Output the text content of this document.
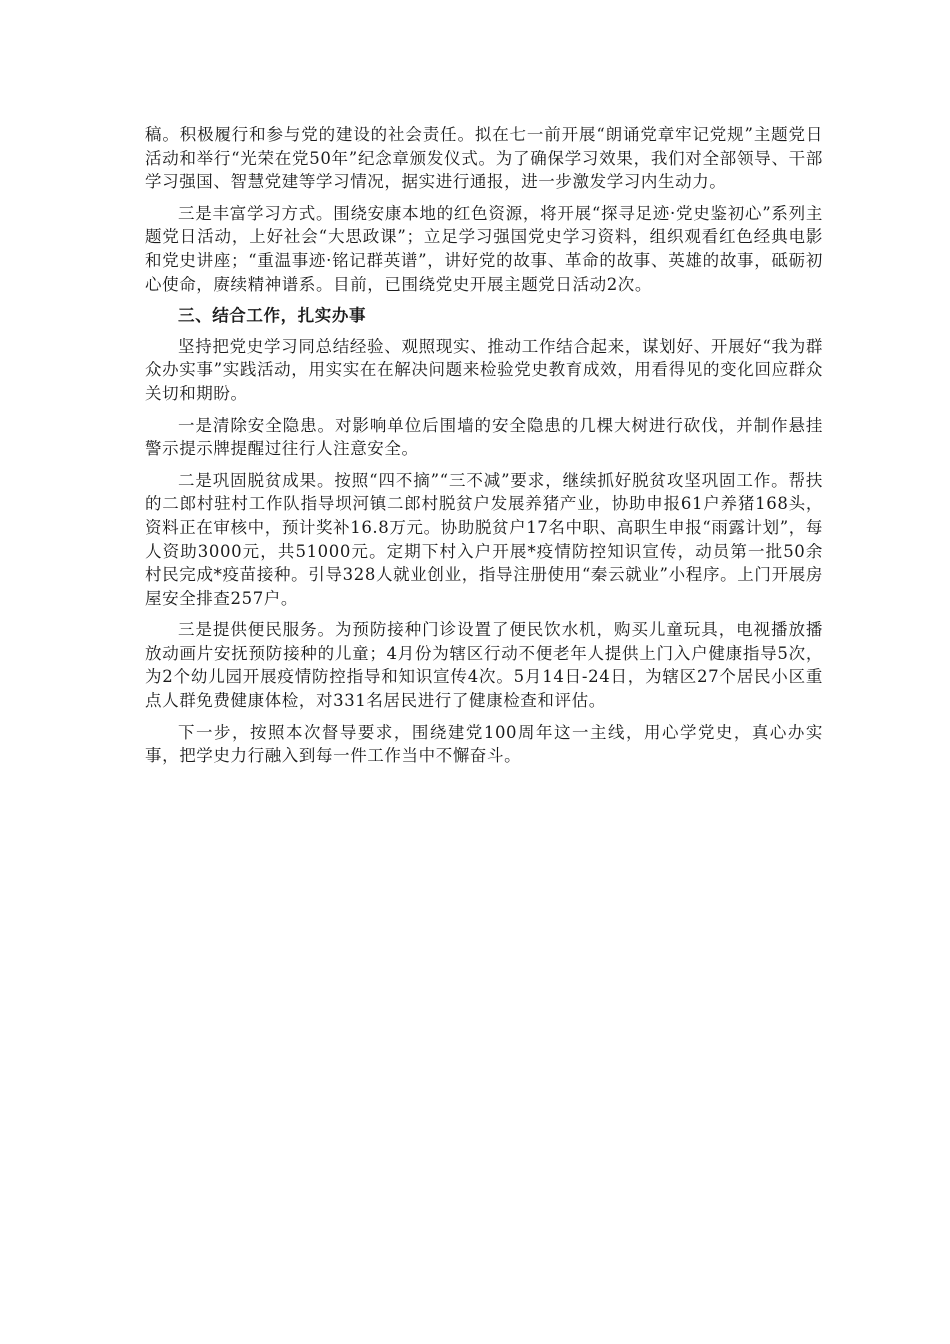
稿。积极履行和参与党的建设的社会责任。拟在七一前开展“朗诵党章牢记党规”主题党日活动和举行“光荣在党50年”纪念章颁发仪式。为了确保学习效果，我们对全部领导、干部学习强国、智慧党建等学习情况，据实进行通报，进一步激发学习内生动力。

三是丰富学习方式。围绕安康本地的红色资源，将开展“探寻足迹·党史鉴初心”系列主题党日活动，上好社会“大思政课”；立足学习强国党史学习资料，组织观看红色经典电影和党史讲座；“重温事迹·铭记群英谱”，讲好党的故事、革命的故事、英雄的故事，砥砺初心使命，赓续精神谱系。目前，已围绕党史开展主题党日活动2次。

三、结合工作，扎实办事

坚持把党史学习同总结经验、观照现实、推动工作结合起来，谋划好、开展好“我为群众办实事”实践活动，用实实在在解决问题来检验党史教育成效，用看得见的变化回应群众关切和期盼。

一是清除安全隐患。对影响单位后围墙的安全隐患的几棵大树进行砍伐，并制作悬挂警示提示牌提醒过往行人注意安全。

二是巩固脱贫成果。按照“四不摘”“三不减”要求，继续抓好脱贫攻坚巩固工作。帮扶的二郎村驻村工作队指导坝河镇二郎村脱贫户发展养猪产业，协助申报61户养猪168头，资料正在审核中，预计奖补16.8万元。协助脱贫户17名中职、高职生申报“雨露计划”，每人资助3000元，共51000元。定期下村入户开展*疫情防控知识宣传，动员第一批50余村民完成*疫苗接种。引导328人就业创业，指导注册使用“秦云就业”小程序。上门开展房屋安全排查257户。

三是提供便民服务。为预防接种门诊设置了便民饮水机，购买儿童玩具，电视播放播放动画片安抚预防接种的儿童；4月份为辖区行动不便老年人提供上门入户健康指导5次，为2个幼儿园开展疫情防控指导和知识宣传4次。5月14日-24日，为辖区27个居民小区重点人群免费健康体检，对331名居民进行了健康检查和评估。

下一步，按照本次督导要求，围绕建党100周年这一主线，用心学党史，真心办实事，把学史力行融入到每一件工作当中不懈奋斗。
